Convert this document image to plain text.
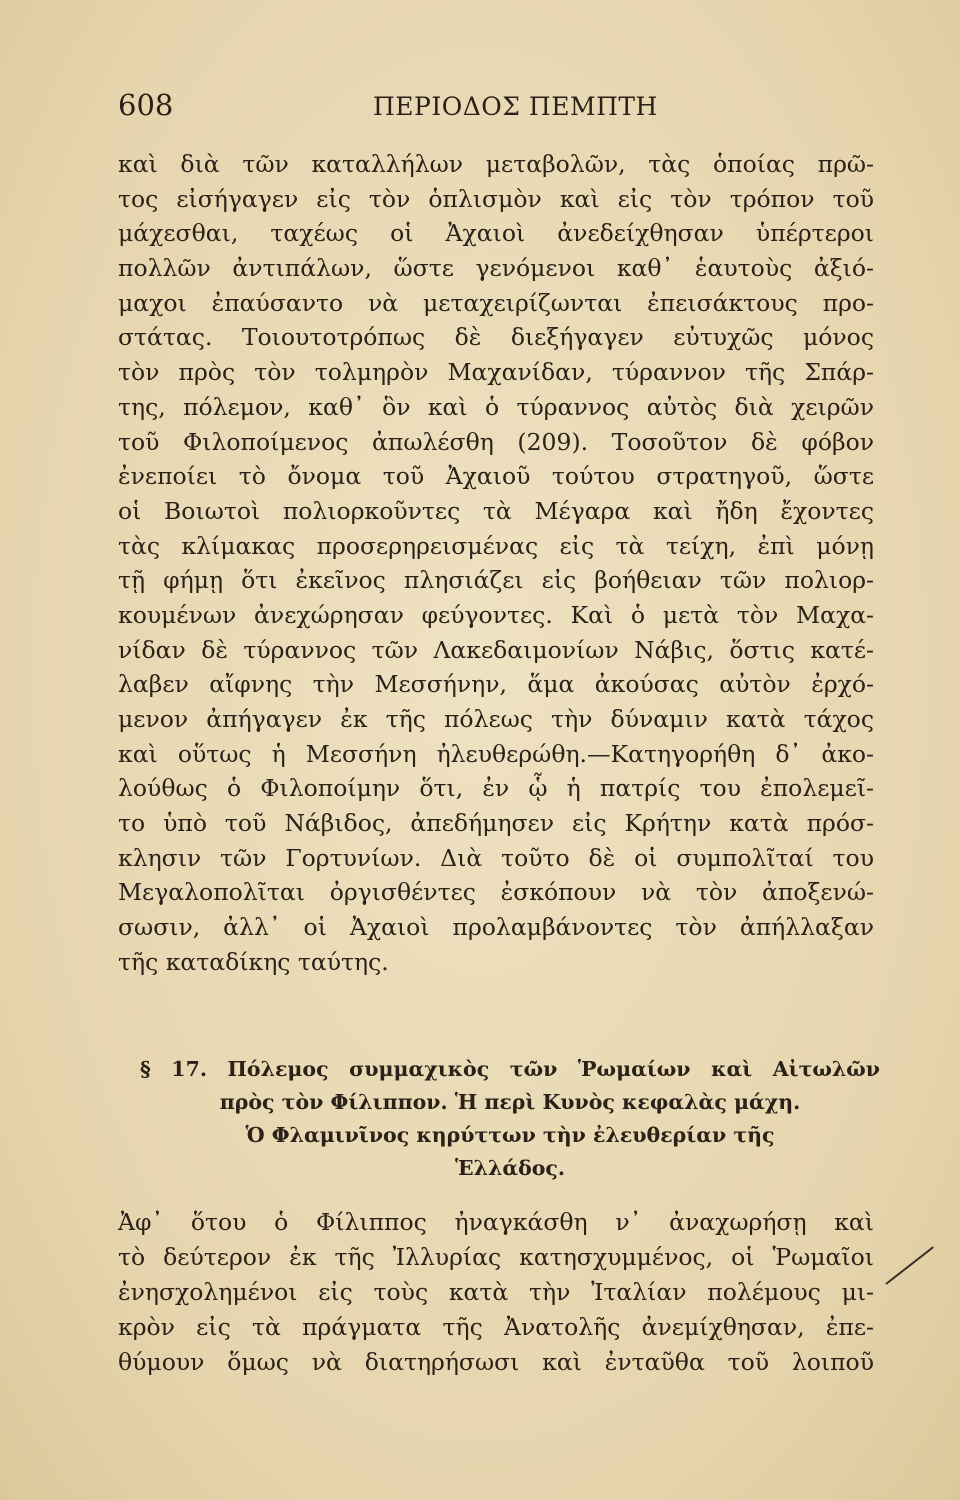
608	ΠΕΡΙΟΔΟΣ ΠΕΜΠΤΗ
καὶ διὰ τῶν καταλλήλων μεταβολῶν, τὰς ὁποίας πρῶ-
τος εἰσήγαγεν εἰς τὸν ὁπλισμὸν καὶ εἰς τὸν τρόπον τοῦ
μάχεσθαι, ταχέως οἱ Ἀχαιοὶ ἀνεδείχθησαν ὑπέρτεροι
πολλῶν ἀντιπάλων, ὥστε γενόμενοι καθ᾽ ἑαυτοὺς ἀξιό-
μαχοι ἐπαύσαντο νὰ μεταχειρίζωνται ἐπεισάκτους προ-
στάτας. Τοιουτοτρόπως δὲ διεξήγαγεν εὐτυχῶς μόνος
τὸν πρὸς τὸν τολμηρὸν Μαχανίδαν, τύραννον τῆς Σπάρ-
της, πόλεμον, καθ᾽ ὃν καὶ ὁ τύραννος αὐτὸς διὰ χειρῶν
τοῦ Φιλοποίμενος ἀπωλέσθη (209). Τοσοῦτον δὲ φόβον
ἐνεποίει τὸ ὄνομα τοῦ Ἀχαιοῦ τούτου στρατηγοῦ, ὥστε
οἱ Βοιωτοὶ πολιορκοῦντες τὰ Μέγαρα καὶ ἤδη ἔχοντες
τὰς κλίμακας προσερηρεισμένας εἰς τὰ τείχη, ἐπὶ μόνῃ
τῇ φήμῃ ὅτι ἐκεῖνος πλησιάζει εἰς βοήθειαν τῶν πολιορ-
κουμένων ἀνεχώρησαν φεύγοντες. Καὶ ὁ μετὰ τὸν Μαχα-
νίδαν δὲ τύραννος τῶν Λακεδαιμονίων Νάβις, ὅστις κατέ-
λαβεν αἴφνης τὴν Μεσσήνην, ἅμα ἀκούσας αὐτὸν ἐρχό-
μενον ἀπήγαγεν ἐκ τῆς πόλεως τὴν δύναμιν κατὰ τάχος
καὶ οὕτως ἡ Μεσσήνη ἠλευθερώθη.—Κατηγορήθη δ᾽ ἀκο-
λούθως ὁ Φιλοποίμην ὅτι, ἐν ᾧ ἡ πατρίς του ἐπολεμεῖ-
το ὑπὸ τοῦ Νάβιδος, ἀπεδήμησεν εἰς Κρήτην κατὰ πρόσ-
κλησιν τῶν Γορτυνίων. Διὰ τοῦτο δὲ οἱ συμπολῖταί του
Μεγαλοπολῖται ὀργισθέντες ἐσκόπουν νὰ τὸν ἀποξενώ-
σωσιν, ἀλλ᾽ οἱ Ἀχαιοὶ προλαμβάνοντες τὸν ἀπήλλαξαν
τῆς καταδίκης ταύτης.
§ 17. Πόλεμος συμμαχικὸς τῶν Ῥωμαίων καὶ Αἰτωλῶν
πρὸς τὸν Φίλιππον. Ἡ περὶ Κυνὸς κεφαλὰς μάχη.
Ὁ Φλαμινῖνος κηρύττων τὴν ἐλευθερίαν τῆς
Ἑλλάδος.
Ἀφ᾽ ὅτου ὁ Φίλιππος ἠναγκάσθη ν᾽ ἀναχωρήσῃ καὶ
τὸ δεύτερον ἐκ τῆς Ἰλλυρίας κατησχυμμένος, οἱ Ῥωμαῖοι
ἐνησχολημένοι εἰς τοὺς κατὰ τὴν Ἰταλίαν πολέμους μι-
κρὸν εἰς τὰ πράγματα τῆς Ἀνατολῆς ἀνεμίχθησαν, ἐπε-
θύμουν ὅμως νὰ διατηρήσωσι καὶ ἐνταῦθα τοῦ λοιποῦ
